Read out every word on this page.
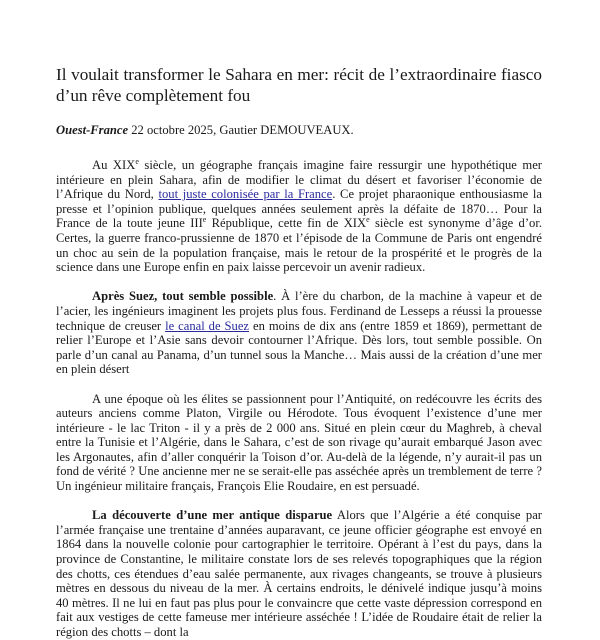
Il voulait transformer le Sahara en mer: récit de l’extraordinaire fiasco d’un rêve complètement fou
Ouest-France 22 octobre 2025, Gautier DEMOUVEAUX.

Au XIXe siècle, un géographe français imagine faire ressurgir une hypothétique mer intérieure en plein Sahara, afin de modifier le climat du désert et favoriser l’économie de l’Afrique du Nord, tout juste colonisée par la France. Ce projet pharaonique enthousiasme la presse et l’opinion publique, quelques années seulement après la défaite de 1870… Pour la France de la toute jeune IIIe République, cette fin de XIXe siècle est synonyme d’âge d’or. Certes, la guerre franco-prussienne de 1870 et l’épisode de la Commune de Paris ont engendré un choc au sein de la population française, mais le retour de la prospérité et le progrès de la science dans une Europe enfin en paix laisse percevoir un avenir radieux.

Après Suez, tout semble possible. À l’ère du charbon, de la machine à vapeur et de l’acier, les ingénieurs imaginent les projets plus fous. Ferdinand de Lesseps a réussi la prouesse technique de creuser le canal de Suez en moins de dix ans (entre 1859 et 1869), permettant de relier l’Europe et l’Asie sans devoir contourner l’Afrique. Dès lors, tout semble possible. On parle d’un canal au Panama, d’un tunnel sous la Manche… Mais aussi de la création d’une mer en plein désert

A une époque où les élites se passionnent pour l’Antiquité, on redécouvre les écrits des auteurs anciens comme Platon, Virgile ou Hérodote. Tous évoquent l’existence d’une mer intérieure - le lac Triton - il y a près de 2 000 ans. Situé en plein cœur du Maghreb, à cheval entre la Tunisie et l’Algérie, dans le Sahara, c’est de son rivage qu’aurait embarqué Jason avec les Argonautes, afin d’aller conquérir la Toison d’or. Au-delà de la légende, n’y aurait-il pas un fond de vérité ? Une ancienne mer ne se serait-elle pas asséchée après un tremblement de terre ? Un ingénieur militaire français, François Elie Roudaire, en est persuadé.

La découverte d’une mer antique disparue Alors que l’Algérie a été conquise par l’armée française une trentaine d’années auparavant, ce jeune officier géographe est envoyé en 1864 dans la nouvelle colonie pour cartographier le territoire. Opérant à l’est du pays, dans la province de Constantine, le militaire constate lors de ses relevés topographiques que la région des chotts, ces étendues d’eau salée permanente, aux rivages changeants, se trouve à plusieurs mètres en dessous du niveau de la mer. À certains endroits, le dénivelé indique jusqu’à moins 40 mètres. Il ne lui en faut pas plus pour le convaincre que cette vaste dépression correspond en fait aux vestiges de cette fameuse mer intérieure asséchée ! L’idée de Roudaire était de relier la région des chotts – dont la
